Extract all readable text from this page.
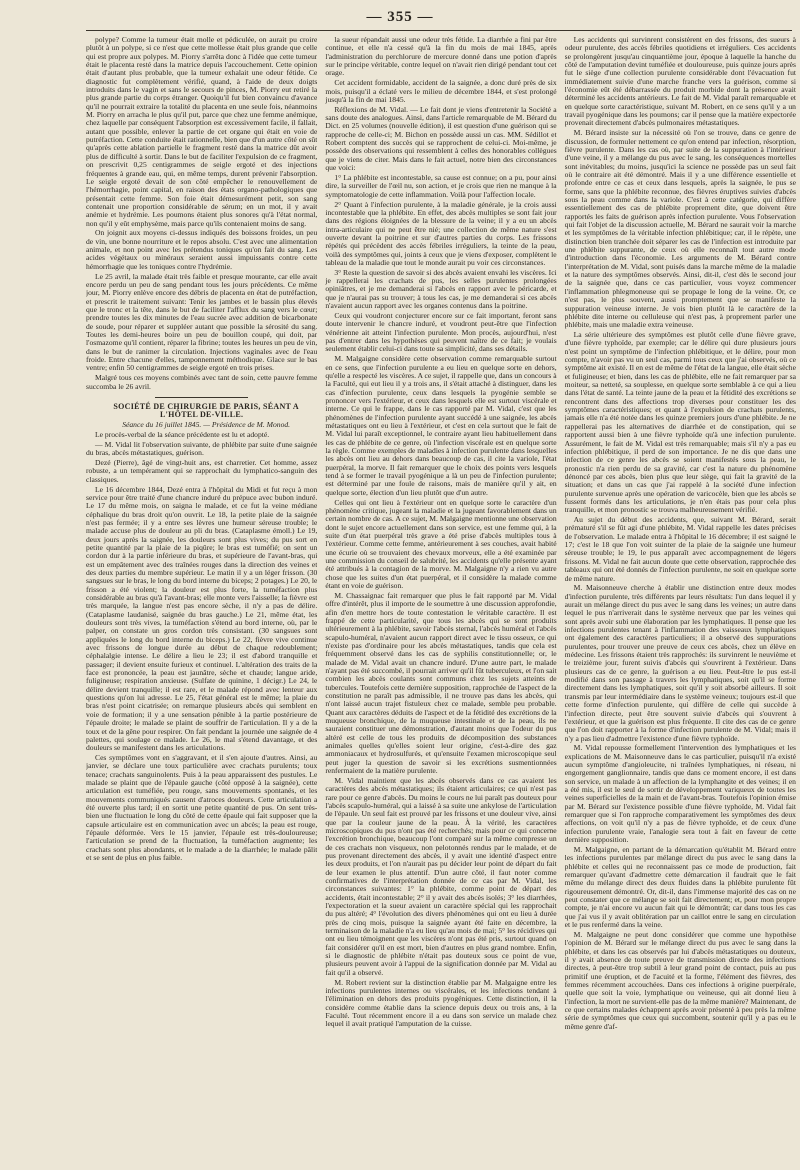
— 355 —

polype? Comme la tumeur était molle et pédiculée, on aurait pu croire plutôt à un polype, si ce n'est que cette mollesse était plus grande que celle qui est propre aux polypes. M. Piorry s'arrêta donc à l'idée que cette tumeur était le placenta resté dans la matrice depuis l'accouchement. Cette opinion était d'autant plus probable, que la tumeur exhalait une odeur fétide. Ce diagnostic fut complètement vérifié, quand, à l'aide de deux doigts introduits dans le vagin et sans le secours de pinces, M. Piorry eut retiré la plus grande partie du corps étranger. Quoiqu'il fut bien convaincu d'avance qu'il ne pourrait extraire la totalité du placenta en une seule fois, néanmoins M. Piorry en arracha le plus qu'il put, parce que chez une femme anémique, chez laquelle par conséquent l'absorption est excessivement facile, il fallait, autant que possible, enlever la partie de cet organe qui était en voie de putréfaction. Cette conduite était rationnelle, bien que d'un autre côté on sût qu'après cette ablation partielle le fragment resté dans la matrice dût avoir plus de difficulté à sortir. Dans le but de faciliter l'expulsion de ce fragment, on prescrivit 0,25 centigrammes de seigle ergoté et des injections fréquentes à grande eau, qui, en même temps, durent prévenir l'absorption. Le seigle ergoté devait de son côté empêcher le renouvellement de l'hémorrhagie, point capital, en raison des états organo-pathologiques que présentait cette femme. Son foie était démesurément petit, son sang contenait une proportion considérable de sérum; en un mot, il y avait anémie et hydrémie. Les poumons étaient plus sonores qu'à l'état normal, non qu'il y eût emphysème, mais parce qu'ils contenaient moins de sang.

On joignit aux moyens ci-dessus indiqués des boissons froides, un peu de vin, une bonne nourriture et le repos absolu. C'est avec une alimentation animale, et non point avec les prétendus toniques qu'on fait du sang. Les acides végétaux ou minéraux seraient aussi impuissants contre cette hémorrhagie que les toniques contre l'hydrémie.

Le 25 avril, la malade était très faible et presque mourante, car elle avait encore perdu un peu de sang pendant tous les jours précédents. Ce même jour, M. Piorry enlève encore des débris de placenta en état de putréfaction, et prescrit le traitement suivant: Tenir les jambes et le bassin plus élevés que le tronc et la tête, dans le but de faciliter l'afflux du sang vers le cœur; prendre toutes les dix minutes de l'eau sucrée avec addition de bicarbonate de soude, pour réparer et suppléer autant que possible la sérosité du sang. Toutes les demi-heures boire un peu de bouillon coupé, qui doit, par l'osmazome qu'il contient, réparer la fibrine; toutes les heures un peu de vin, dans le but de ranimer la circulation. Injections vaginales avec de l'eau froide. Entre chacune d'elles, tamponnement méthodique. Glace sur le bas ventre; enfin 50 centigrammes de seigle ergoté en trois prises.

Malgré tous ces moyens combinés avec tant de soin, cette pauvre femme succomba le 26 avril.

SOCIÉTÉ DE CHIRURGIE DE PARIS, SÉANT A L'HÔTEL DE-VILLE.

Séance du 16 juillet 1845. — Présidence de M. Monod.

Le procès-verbal de la séance précédente est lu et adopté.

— M. Vidal lit l'observation suivante, de phlébite par suite d'une saignée du bras, abcès métastatiques, guérison.

Dezé (Pierre), âgé de vingt-huit ans, est charretier. Cet homme, assez robuste, a un tempérament qui se rapprochait du lymphatico-sanguin des classiques.

Le 16 décembre 1844, Dezé entra à l'hôpital du Midi et fut reçu à mon service pour être traité d'une chancre induré du prépuce avec bubon induré. Le 17 du même mois, on saigna le malade, et ce fut la veine médiane céphalique du bras droit qu'on ouvrit. Le 18, la petite plaie de la saignée n'est pas fermée; il y a entre ses lèvres une humeur séreuse trouble; le malade accuse plus de douleur au pli du bras. (Cataplasme émoll.) Le 19, deux jours après la saignée, les douleurs sont plus vives; du pus sort en petite quantité par la plaie de la piqûre; le bras est tuméfié; on sent un cordon dur à la partie inférieure du bras, et supérieure de l'avant-bras, qui est un empâtement avec des traînées rouges dans la direction des veines et des deux parties du membre supérieur. Le matin il y a un léger frisson. (30 sangsues sur le bras, le long du bord interne du biceps; 2 potages.) Le 20, le frisson a été violent; la douleur est plus forte, la tuméfaction plus considérable au bras qu'à l'avant-bras; elle monte vers l'aisselle; la fièvre est très marquée, la langue n'est pas encore sèche, il n'y a pas de délire. (Cataplasme laudanisé, saignée du bras gauche.) Le 21, même état, les douleurs sont très vives, la tuméfaction s'étend au bord interne, où, par le palper, on constate un gros cordon très consistant. (30 sangsues sont appliquées le long du bord interne du biceps.) Le 22, fièvre vive continue avec frissons de longue durée au début de chaque redoublement; céphalalgie intense. Le délire a lieu le 23; il est d'abord tranquille et passager; il devient ensuite furieux et continuel. L'altération des traits de la face est prononcée, la peau est jaunâtre, sèche et chaude; langue aride, fuligineuse; respiration anxieuse. (Sulfate de quinine, 1 décigr.) Le 24, le délire devient tranquille; il est rare, et le malade répond avec lenteur aux questions qu'on lui adresse. Le 25, l'état général est le même; la plaie du bras n'est point cicatrisée; on remarque plusieurs abcès qui semblent en voie de formation; il y a une sensation pénible à la partie postérieure de l'épaule droite; le malade se plaint de souffrir de l'articulation. Il y a de la toux et de la gêne pour respirer. On fait pendant la journée une saignée de 4 palettes, qui soulage ce malade. Le 26, le mal s'étend davantage, et des douleurs se manifestent dans les articulations.

Ces symptômes vont en s'aggravant, et il s'en ajoute d'autres. Ainsi, au janvier, se déclare une toux particulière avec crachats purulents; toux tenace; crachats sanguinolents. Puis à la peau apparaissent des pustules. Le malade se plaint que de l'épaule gauche (côté opposé à la saignée), cette articulation est tuméfiée, peu rouge, sans mouvements spontanés, et les mouvements communiqués causent d'atroces douleurs. Cette articulation a été ouverte plus tard; il en sortit une petite quantité de pus. On sent très-bien une fluctuation le long du côté de cette épaule qui fait supposer que la capsule articulaire est en communication avec un abcès; la peau est rouge, l'épaule déformée. Vers le 15 janvier, l'épaule est très-douloureuse; l'articulation se prend de la fluctuation, la tuméfaction augmente; les crachats sont plus abondants, et le malade a de la diarrhée; le malade pâlit et se sent de plus en plus faible.

la sueur répandait aussi une odeur très fétide. La diarrhée a fini par être continue, et elle n'a cessé qu'à la fin du mois de mai 1845, après l'administration du perchlorure de mercure donné dans une potion d'après sur le principe véritable, contre lequel on n'avait rien dirigé pendant tout cet orage.

Cet accident formidable, accident de la saignée, a donc duré près de six mois, puisqu'il a éclaté vers le milieu de décembre 1844, et s'est prolongé jusqu'à la fin de mai 1845.

Réflexions de M. Vidal. — Le fait dont je viens d'entretenir la Société a sans doute des analogues. Ainsi, dans l'article remarquable de M. Bérard du Dict. en 25 volumes (nouvelle édition), il est question d'une guérison qui se rapproche de celle-ci; M. Bichon en possède aussi un cas. MM. Sédillot et Robert comptent des succès qui se rapprochent de celui-ci. Moi-même, je possède des observations qui ressemblent à celles des honorables collègues que je viens de citer. Mais dans le fait actuel, notre bien des circonstances que voici:

1° La phlébite est incontestable, sa cause est connue; on a pu, pour ainsi dire, la surveiller de l'œil nu, son action, et je crois que rien ne manque à la symptomatologie de cette inflammation. Voilà pour l'affection locale.

2° Quant à l'infection purulente, à la maladie générale, je la crois aussi incontestable que la phlébite. En effet, des abcès multiples se sont fait jour dans des régions éloignées de la blessure de la veine; il y a eu un abcès intra-articulaire qui ne peut être nié; une collection de même nature s'est ouverte devant la poitrine et sur d'autres parties du corps. Les frissons répétés qui précèdent des accès fébriles irréguliers, la teinte de la peau, voilà des symptômes qui, joints à ceux que je viens d'exposer, complètent le tableau de la maladie que tout le monde aurait pu voir ces circonstances.

3° Reste la question de savoir si des abcès avaient envahi les viscères. Ici je rappellerai les crachats de pus, les selles purulentes prolongées opiniâtres, et je me demanderai si l'abcès en rapport avec le péricarde, et que je n'aurai pas su trouver; à tous les cas, je me demanderai si ces abcès n'avaient aucun rapport avec les organes contenus dans la poitrine.

Ceux qui voudront conjecturer encore sur ce fait important, feront sans doute intervenir le chancre induré, et voudront peut-être que l'infection vénérienne ait atteint l'infection purulente. Mon procès, aujourd'hui, n'est pas d'entrer dans les hypothèses qui peuvent naître de ce fait; je voulais seulement établir celui-ci dans toute sa simplicité, dans ses détails.

M. Malgaigne considère cette observation comme remarquable surtout en ce sens, que l'infection purulente a eu lieu en quelque sorte en dehors, qu'elle a respecté les viscères. A ce sujet, il rappelle que, dans un concours à la Faculté, qui eut lieu il y a trois ans, il s'était attaché à distinguer, dans les cas d'infection purulente, ceux dans lesquels la pyogénie semble se prononcer vers l'extérieur, et ceux dans lesquels elle est surtout viscérale et interne. Ce qui le frappe, dans le cas rapporté par M. Vidal, c'est que les phénomènes de l'infection purulente ayant succédé à une saignée, les abcès métastatiques ont eu lieu à l'extérieur, et c'est en cela surtout que le fait de M. Vidal lui paraît exceptionnel, le contraire ayant lieu habituellement dans les cas de phlébite de ce genre, où l'infection viscérale est en quelque sorte la règle. Comme exemples de maladies à infection purulente dans lesquelles les abcès ont lieu au dehors dans beaucoup de cas, il cite la variole, l'état puerpéral, la morve. Il fait remarquer que le choix des points vers lesquels tend à se former le travail pyogénique a là un peu de l'infection purulente; est déterminé par une foule de raisons, mais de manière qu'il y ait, en quelque sorte, élection d'un lieu plutôt que d'un autre.

Celles qui ont lieu à l'extérieur ont en quelque sorte le caractère d'un phénomène critique, jugeant la maladie et la jugeant favorablement dans un certain nombre de cas. A ce sujet, M. Malgaigne mentionne une observation dont le sujet encore actuellement dans son service, est une femme qui, à la suite d'un état puerpéral très grave a été prise d'abcès multiples tous à l'extérieur. Comme cette femme, antérieurement à ses couches, avait habité une écurie où se trouvaient des chevaux morveux, elle a été examinée par une commission du conseil de salubrité, les accidents qu'elle présente ayant été attribués à la contagion de la morve. M. Malgaigne n'y a rien vu autre chose que les suites d'un état puerpéral, et il considère la malade comme étant en voie de guérison.

M. Chassaignac fait remarquer que plus le fait rapporté par M. Vidal offre d'intérêt, plus il importe de le soumettre à une discussion approfondie, afin d'en mettre hors de toute contestation le véritable caractère. Il est frappé de cette particularité, que tous les abcès qui se sont produits ultérieurement à la phlébite, savoir l'abcès sternal, l'abcès huméral et l'abcès scapulo-huméral, n'avaient aucun rapport direct avec le tissu osseux, ce qui n'existe pas d'ordinaire pour les abcès métastatiques, tandis que cela est fréquemment observé dans les cas de syphilis constitutionnelle; or, le malade de M. Vidal avait un chancre induré. D'une autre part, le malade n'ayant pas été succombé, il pourrait arriver qu'il fût tuberculeux, et l'on sait combien les abcès coulants sont communs chez les sujets atteints de tubercules. Toutefois cette dernière supposition, rapprochée de l'aspect de la constitution ne paraît pas admissible, il ne trouve pas dans les abcès, qui n'ont laissé aucun trajet fistuleux chez ce malade, semble peu probable. Quant aux caractères déduits de l'aspect et de la fétidité des excrétions de la muqueuse bronchique, de la muqueuse intestinale et de la peau, ils ne sauraient constituer une démonstration, d'autant moins que l'odeur du pus altéré est celle de tous les produits de décomposition des substances animales quelles qu'elles soient leur origine, c'est-à-dire des gaz ammoniacaux et hydrosulfurés, et qu'ensuite l'examen microscopique seul peut juger la question de savoir si les excrétions susmentionnées renfermaient de la matière purulente.

M. Vidal maintient que les abcès observés dans ce cas avaient les caractères des abcès métastatiques; ils étaient articulaires; ce qui n'est pas rare pour ce genre d'abcès. Du moins le cours ne lui paraît pas douteux pour l'abcès scapulo-huméral, qui a laissé à sa suite une ankylose de l'articulation de l'épaule. Un seul fait est prouvé par les frissons et une douleur vive, ainsi que par la couleur jaune de la peau. À la vérité, les caractères microscopiques du pus n'ont pas été recherchés; mais pour ce qui concerne l'excrétion bronchique, beaucoup l'ont comparé sur la même compresse un de ces crachats non visqueux, non pelotonnés rendus par le malade, et de pus provenant directement des abcès, il y avait une identité d'aspect entre les deux produits, et l'on n'aurait pas pu décider leur point de départ du fait de leur examen le plus attentif. D'un autre côté, il faut noter comme confirmatives de l'interprétation donnée de ce cas par M. Vidal, les circonstances suivantes: 1° la phlébite, comme point de départ des accidents, était incontestable; 2° il y avait des abcès isolés; 3° les diarrhées, l'expectoration et la sueur avaient un caractère spécial qui les rapprochait du pus altéré; 4° l'évolution des divers phénomènes qui ont eu lieu à durée près de cinq mois, puisque la saignée ayant été faite en décembre, la terminaison de la maladie n'a eu lieu qu'au mois de mai; 5° les récidives qui ont eu lieu témoignent que les viscères n'ont pas été pris, surtout quand on fait considérer qu'il en est mort, bien d'autres en plus grand nombre. Enfin, si le diagnostic de phlébite n'était pas douteux sous ce point de vue, plusieurs peuvent avoir à l'appui de la signification donnée par M. Vidal au fait qu'il a observé.

M. Robert revient sur la distinction établie par M. Malgaigne entre les infections purulentes internes ou viscérales, et les infections tendant à l'élimination en dehors des produits pyogéniques. Cette distinction, il la considère comme établie dans la science depuis deux ou trois ans, à la Faculté. Tout récemment encore il a eu dans son service un malade chez lequel il avait pratiqué l'amputation de la cuisse.

Les accidents qui survinrent consistèrent en des frissons, des sueurs à odeur purulente, des accès fébriles quotidiens et irréguliers. Ces accidents se prolongèrent jusqu'au cinquantième jour, époque à laquelle la hanche du côté de l'amputation devint tuméfiée et douloureuse, puis quinze jours après fut le siège d'une collection purulente considérable dont l'évacuation fut immédiatement suivie d'une marche franche vers la guérison, comme si l'économie eût été débarrassée du produit morbide dont la présence avait déterminé les accidents antérieurs. Le fait de M. Vidal paraît remarquable et en quelque sorte caractéristique, suivant M. Robert, en ce sens qu'il y a un travail pyogénique dans les poumons; car il pense que la matière expectorée provenait directement d'abcès pulmonaires métastatiques.

M. Bérard insiste sur la nécessité où l'on se trouve, dans ce genre de discussion, de formuler nettement ce qu'on entend par infection, résorption, fièvre purulente. Dans les cas où, par suite de la suppuration à l'intérieur d'une veine, il y a mélange du pus avec le sang, les conséquences mortelles sont inévitables; du moins, jusqu'ici la science ne possède pas un seul fait où le contraire ait été démontré. Mais il y a une différence essentielle et profonde entre ce cas et ceux dans lesquels, après la saignée, le pus se forme, sans que la phlébite reconnue, des fièvres éruptives suivies d'abcès sous la peau comme dans la variole. C'est à cette catégorie, qui diffère essentiellement des cas de phlébite proprement dite, que doivent être rapportés les faits de guérison après infection purulente. Vous l'observation qui fait l'objet de la discussion actuelle, M. Bérard ne saurait voir la marche et les symptômes de la véritable infection phlébitique; car, il le répète, une distinction bien tranchée doit séparer les cas de l'infection est introduite par une phlébite suppurante, de ceux où elle reconnaît tout autre mode d'introduction dans l'économie. Les arguments de M. Bérard contre l'interprétation de M. Vidal, sont puisés dans la marche même de la maladie et la nature des symptômes observés. Ainsi, dit-il, c'est dès le second jour de la saignée que, dans ce cas particulier, vous voyez commencer l'inflammation phlegmoneuse qui se propage le long de la veine. Or, ce n'est pas, le plus souvent, aussi promptement que se manifeste la suppuration veineuse interne. Je vois bien plutôt là le caractère de la phlébite dite interne ou celluleuse qui n'est pas, à proprement parler une phlébite, mais une maladie extra veineuse.

La série ultérieure des symptômes est plutôt celle d'une fièvre grave, d'une fièvre typhoïde, par exemple; car le délire qui dure plusieurs jours n'est point un symptôme de l'infection phlébitique, et le délire, pour mon compte, n'avoir pas vu un seul cas, parmi tous ceux que j'ai observés, où ce symptôme ait existé. Il en est de même de l'état de la langue, elle était sèche et fuligineuse; et bien, dans les cas de phlébite, elle ne fait remarquer par sa moiteur, sa netteté, sa souplesse, en quelque sorte semblable à ce qui a lieu dans l'état de santé. La teinte jaune de la peau et la fétidité des excrétions se rencontrent dans des affections trop diverses pour constituer les des symptômes caractéristiques; et quant à l'expulsion de crachats purulents, jamais elle n'a été notée dans les quinze premiers jours d'une phlébite. Je ne rappellerai pas les alternatives de diarrhée et de constipation, qui se rapportent aussi bien à une fièvre typhoïde qu'à une infection purulente. Assurément, le fait de M. Vidal est très remarquable; mais s'il n'y a pas eu infection phlébitique, il perd de son importance. Je ne dis que dans une infection de ce genre les abcès se soient manifestés sous la peau, le pronostic n'a rien perdu de sa gravité, car c'est la nature du phénomène dénoncé par ces abcès, bien plus que leur siège, qui fait la gravité de la situation; et dans un cas que j'ai rappelé à la société d'une infection purulente survenue après une opération de varicocèle, bien que les abcès se fussent formés dans les articulations, je n'en étais pas pour cela plus tranquille, et mon pronostic se trouva malheureusement vérifié.

Au sujet du début des accidents, que, suivant M. Bérard, serait prématuré s'il se fût agi d'une phlébite, M. Vidal rappelle les dates précises de l'observation. Le malade entra à l'hôpital le 16 décembre; il est saigné le 17; c'est le 18 que l'on voit suinter de la plaie de la saignée une humeur séreuse trouble; le 19, le pus apparaît avec accompagnement de légers frissons. M. Vidal ne fait aucun doute que cette observation, rapprochée des tableaux qui ont été donnés de l'infection purulente, ne soit en quelque sorte de même nature.

M. Maisonneuve cherche à établir une distinction entre deux modes d'infection purulente, très différents par leurs résultats: l'un dans lequel il y aurait un mélange direct du pus avec le sang dans les veines; un autre dans lequel le pus n'arriverait dans le système nerveux que par les veines qui sont après avoir subi une élaboration par les lymphatiques. Il pense que les infections purulentes tenant à l'inflammation des vaisseaux lymphatiques ont également des caractères particuliers; il a observé des suppurations purulentes, pour trouver une preuve de ceux ces abcès, chez un élève en médecine. Les frissons étaient très rapprochés: ils survinrent le neuvième et le treizième jour, furent suivis d'abcès qui s'ouvrirent à l'extérieur. Dans plusieurs cas de ce genre, la guérison a eu lieu. Peut-être le pus est-il modifié dans son passage à travers les lymphatiques, soit qu'il se forme directement dans les lymphatiques, soit qu'il y soit absorbé ailleurs. Il soit transmis par leur intermédiaire dans le système veineux; toujours est-il que cette forme d'infection purulente, qui diffère de celle qui succède à l'infection directe, peut être souvent suivie d'abcès qui s'ouvrent à l'extérieur, et que la guérison est plus fréquente. Il cite des cas de ce genre que l'on doit rapporter à la forme d'infection purulente de M. Vidal; mais il n'y a pas lieu d'admettre l'existence d'une fièvre typhoïde.

M. Vidal repousse formellement l'intervention des lymphatiques et les explications de M. Maisonneuve dans le cas particulier, puisqu'il n'a existé aucun symptôme d'angioleucite, ni traînées lymphatiques, ni réseau, ni engorgement ganglionnaire, tandis que dans ce moment encore, il est dans son service, un malade à un affection de la lymphangite et des veines; il en a été mis, il est le seul de sortir de développement variqueux de toutes les veines superficielles de la main et de l'avant-bras. Toutefois l'opinion émise par M. Bérard sur l'existence possible d'une fièvre typhoïde, M. Vidal fait remarquer que si l'on rapproche comparativement les symptômes des deux affections, on voit qu'il n'y a pas de fièvre typhoïde, et de ceux d'une infection purulente vraie, l'analogie sera tout à fait en faveur de cette dernière supposition.

M. Malgaigne, en partant de la démarcation qu'établit M. Bérard entre les infections purulentes par mélange direct du pus avec le sang dans la phlébite et celles qui ne reconnaissent pas ce mode de production, fait remarquer qu'avant d'admettre cette démarcation il faudrait que le fait même du mélange direct des deux fluides dans la phlébite purulente fût rigoureusement démontré. Or, dit-il, dans l'immense majorité des cas on ne peut constater que ce mélange se soit fait directement; et, pour mon propre compte, je n'ai encore vu aucun fait qui le démontrât; car dans tous les cas que j'ai vus il y avait oblitération par un caillot entre le sang en circulation et le pus renfermé dans la veine.

M. Malgaigne ne peut donc considérer que comme une hypothèse l'opinion de M. Bérard sur le mélange direct du pus avec le sang dans la phlébite, et dans les cas observés par lui d'abcès métastatiques ou douteux, il y avait absence de toute preuve de transmission directe des infections directes, à peut-être trop subtil à leur grand point de contact, puis au pus primitif une éruption, et de l'acuité et la forme, l'élément des fièvres, des femmes récemment accouchées. Dans ces infections à origine puerpérale, quelle que soit la voie, lymphatique ou veineuse, qui ait donné lieu à l'infection, la mort ne survient-elle pas de la même manière? Maintenant, de ce que certains malades échappent après avoir présenté à peu près la même série de symptômes que ceux qui succombent, soutenir qu'il y a pas eu le même genre d'af-
